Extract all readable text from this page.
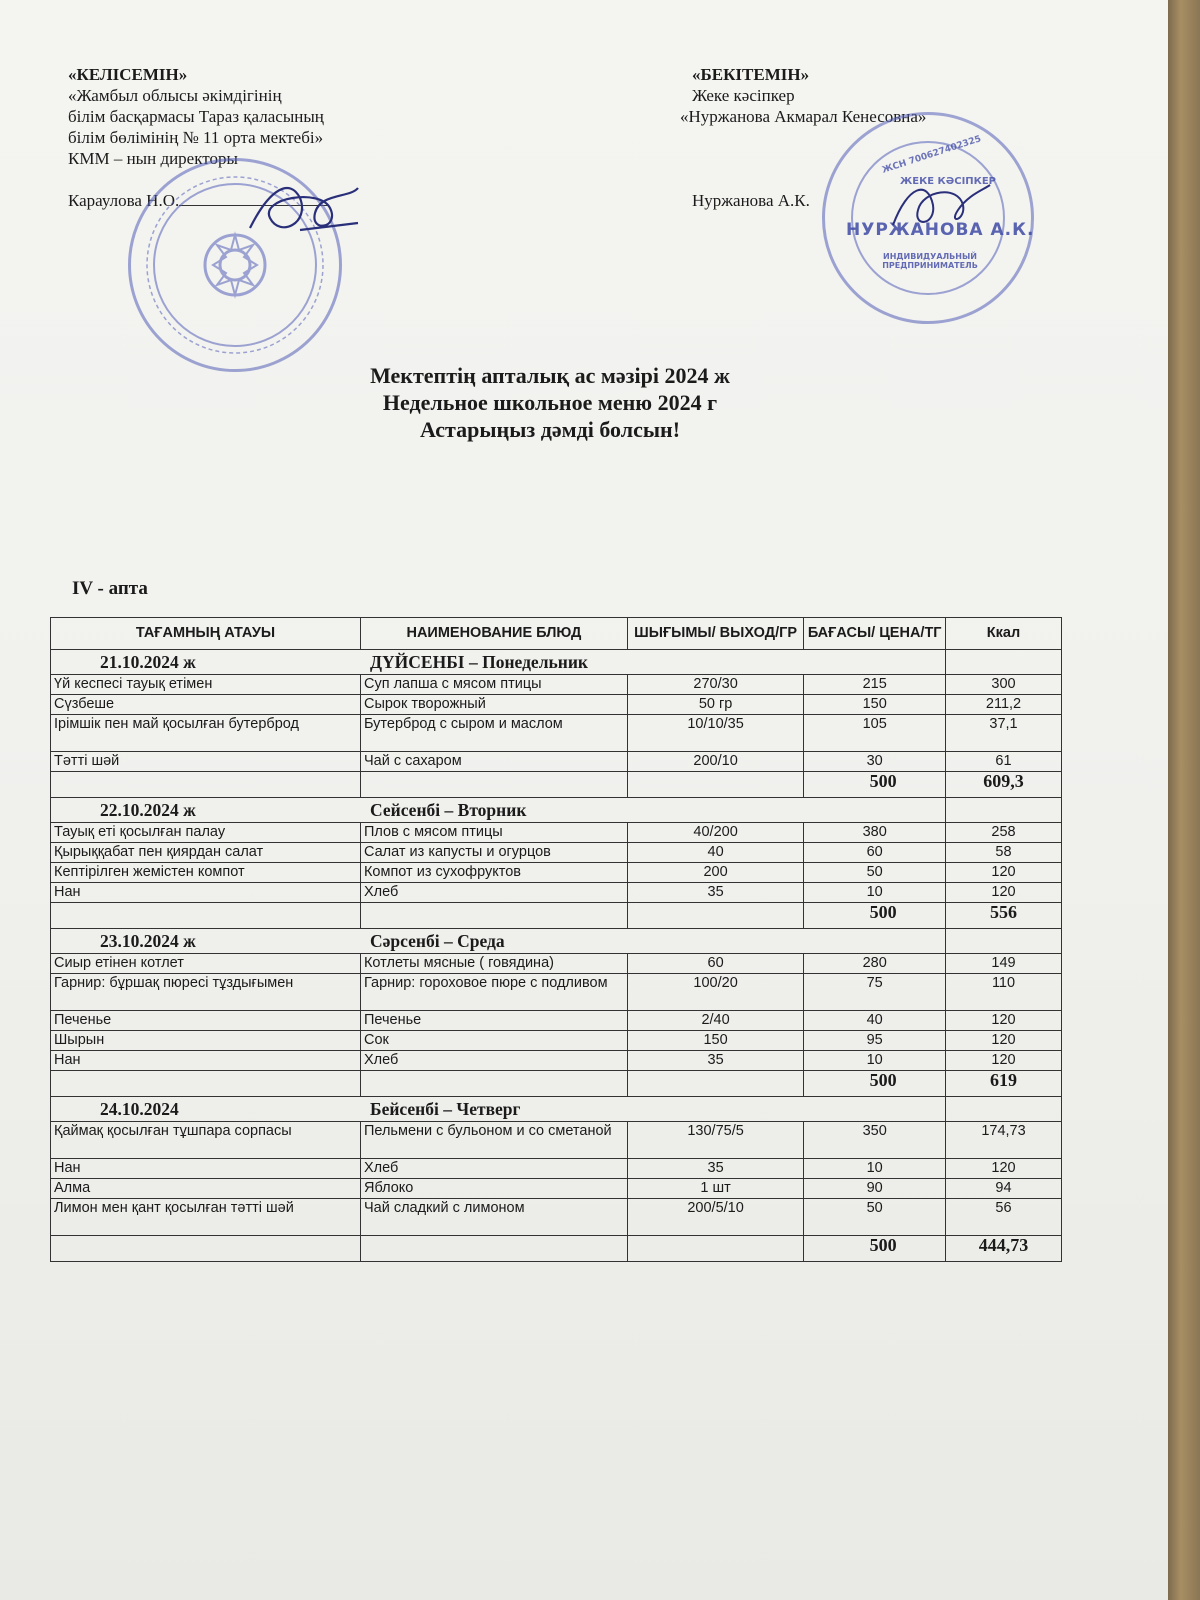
«КЕЛІСЕМІН»
«Жамбыл облысы әкімдігінің
білім басқармасы Тараз қаласының
білім бөлімінің № 11 орта мектебі»
КММ – нын директоры
Караулова Н.О.
«БЕКІТЕМІН»
Жеке кәсіпкер
«Нуржанова Акмарал Кенесовна»
Нуржанова А.К.
ЖЕКЕ КӘСІПКЕР
НУРЖАНОВА А.К.
ИНДИВИДУАЛЬНЫЙ ПРЕДПРИНИМАТЕЛЬ
ЖСН 700627402325
Мектептің апталық ас мәзірі 2024 ж
Недельное школьное меню 2024 г
Астарыңыз дәмді болсын!
IV - апта
ТАҒАМНЫҢ АТАУЫ	НАИМЕНОВАНИЕ БЛЮД	ШЫҒЫМЫ/ ВЫХОД/ГР	БАҒАСЫ/ ЦЕНА/ТГ	Ккал
21.10.2024 ж ДҮЙСЕНБІ – Понедельник				
Үй кеспесі тауық етімен	Суп лапша с мясом птицы	270/30	215	300
Сүзбеше	Сырок творожный	50 гр	150	211,2
Ірімшік пен май қосылған бутерброд	Бутерброд с сыром и маслом	10/10/35	105	37,1
Тәтті шәй	Чай с сахаром	200/10	30	61
			500	609,3
22.10.2024 ж Сейсенбі – Вторник				
Тауық еті қосылған палау	Плов с мясом птицы	40/200	380	258
Қырыққабат пен қиярдан салат	Салат из капусты и огурцов	40	60	58
Кептірілген жемістен компот	Компот из сухофруктов	200	50	120
Нан	Хлеб	35	10	120
			500	556
23.10.2024 ж Сәрсенбі – Среда				
Сиыр етінен котлет	Котлеты мясные ( говядина)	60	280	149
Гарнир: бұршақ пюресі тұздығымен	Гарнир: гороховое пюре с подливом	100/20	75	110
Печенье	Печенье	2/40	40	120
Шырын	Сок	150	95	120
Нан	Хлеб	35	10	120
			500	619
24.10.2024 Бейсенбі – Четверг				
Қаймақ қосылған тұшпара сорпасы	Пельмени с бульоном и со сметаной	130/75/5	350	174,73
Нан	Хлеб	35	10	120
Алма	Яблоко	1 шт	90	94
Лимон мен қант қосылған тәтті шәй	Чай сладкий с лимоном	200/5/10	50	56
			500	444,73
